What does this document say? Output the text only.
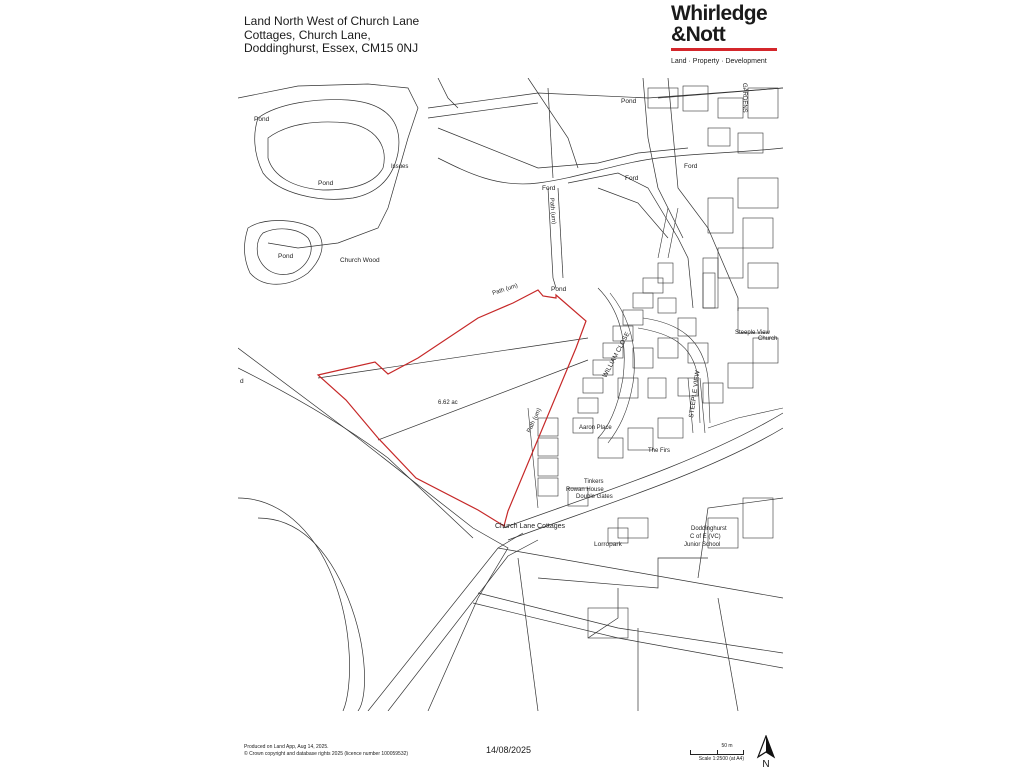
Land North West of Church Lane
Cottages, Church Lane,
Doddinghurst, Essex, CM15 0NJ
Whirledge
&Nott
Land · Property · Development
Pond
Pond
Pond
Pond
Pond
Issues
Church Wood
Ford
Ford
Ford
Path (um)
Path (um)
Path (um)
6.62 ac
Church Lane Cottages
WILLIAM CLOSE
STEEPLE VIEW
Aaron Place
The Firs
Lorropark
Doddinghurst
C of E (VC)
Junior School
Rowan House
Double Gates
Tinkers
Church
Steeple View
GARDENS
d
Produced on Land App, Aug 14, 2025.
© Crown copyright and database rights 2025 (licence number 100059532)	14/08/2025	50 m
Scale 1:2500 (at A4) N
